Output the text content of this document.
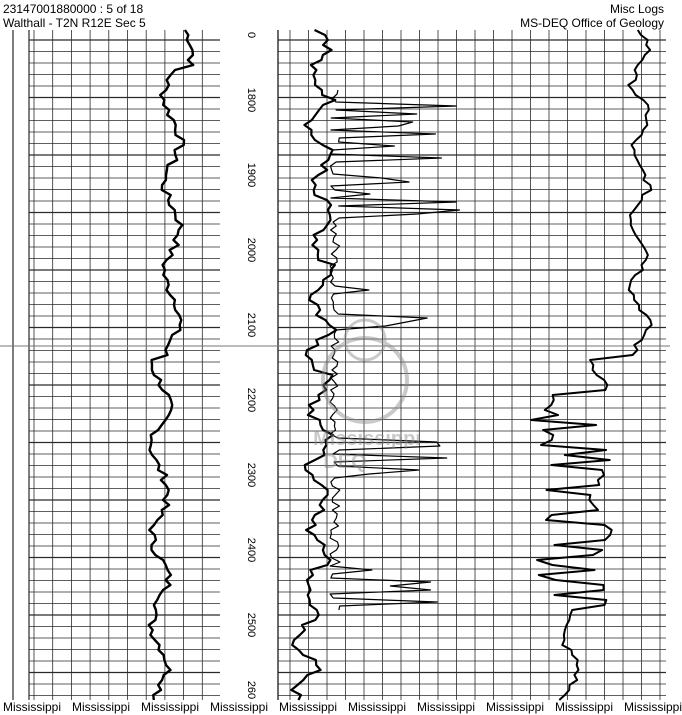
23147001880000 : 5 of 18
Walthall - T2N R12E Sec 5
Misc Logs
MS-DEQ Office of Geology
0
1800
1900
2000
2100
2200
2300
2400
2500
260
Mississippi
DEQ
Mississippi Mississippi Mississippi Mississippi Mississippi Mississippi Mississippi Mississippi Mississippi Mississippi
